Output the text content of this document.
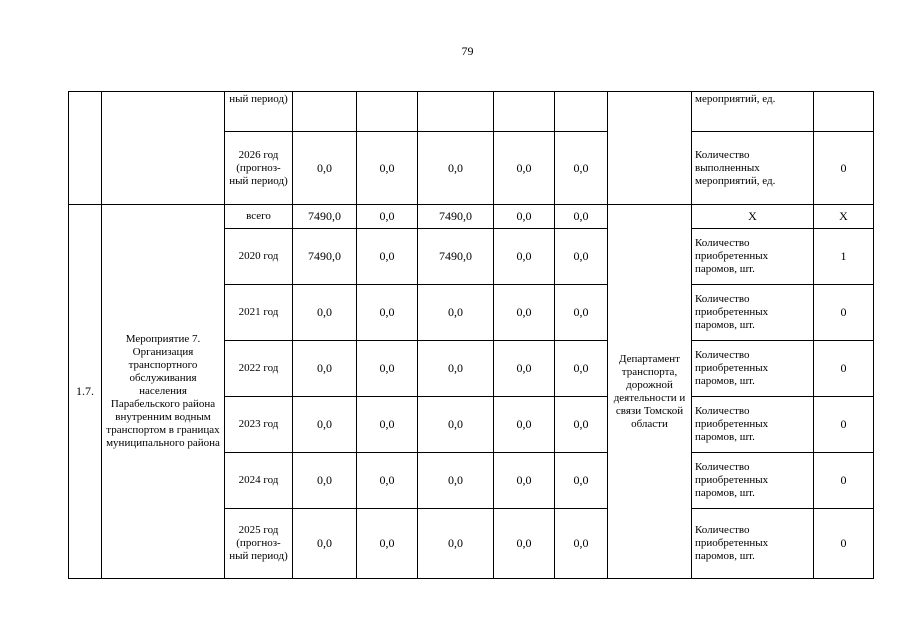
79
		ный период)							мероприятий, ед.	
		2026 год (прогноз-ный период)	0,0	0,0	0,0	0,0	0,0		Количество выполненных мероприятий, ед.	0
1.7.	Мероприятие 7. Организация транспортного обслуживания населения Парабельского района внутренним водным транспортом в границах муниципального района	всего	7490,0	0,0	7490,0	0,0	0,0	Департамент транспорта, дорожной деятельности и связи Томской области	Х	Х
		2020 год	7490,0	0,0	7490,0	0,0	0,0		Количество приобретенных паромов, шт.	1
		2021 год	0,0	0,0	0,0	0,0	0,0		Количество приобретенных паромов, шт.	0
		2022 год	0,0	0,0	0,0	0,0	0,0		Количество приобретенных паромов, шт.	0
		2023 год	0,0	0,0	0,0	0,0	0,0		Количество приобретенных паромов, шт.	0
		2024 год	0,0	0,0	0,0	0,0	0,0		Количество приобретенных паромов, шт.	0
		2025 год (прогноз-ный период)	0,0	0,0	0,0	0,0	0,0		Количество приобретенных паромов, шт.	0
